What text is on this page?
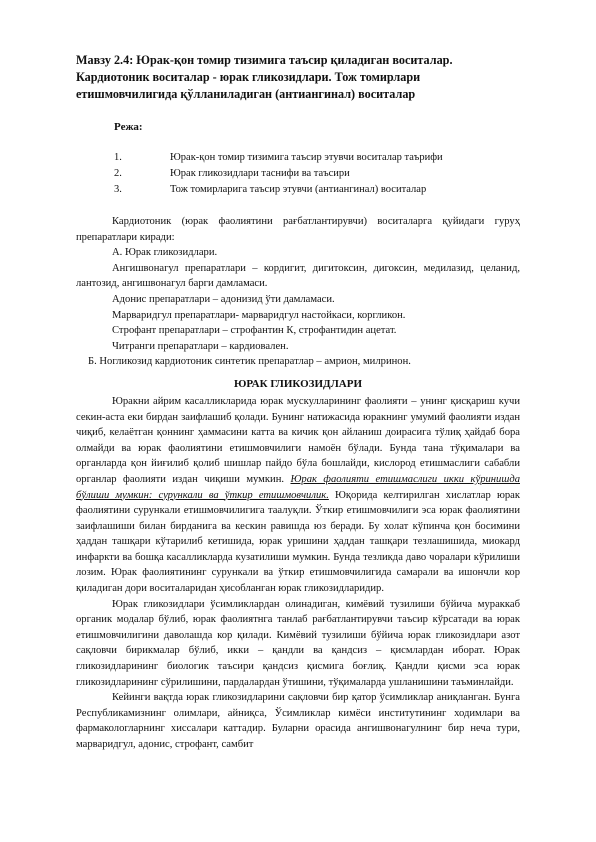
Мавзу 2.4: Юрак-қон томир тизимига таъсир қиладиган воситалар. Кардиотоник воситалар - юрак гликозидлари. Тож томирлари етишмовчилигида қўлланиладиган (антиангинал) воситалар

Режа:
1.	Юрак-қон томир тизимига таъсир этувчи воситалар таърифи
2.	Юрак гликозидлари таснифи ва таъсири
3.	Тож томирларига таъсир этувчи (антиангинал) воситалар

Кардиотоник (юрак фаолиятини рағбатлантирувчи) воситаларга қуйидаги гуруҳ препаратлари киради:

А. Юрак гликозидлари.

Ангишвонагул препаратлари – кордигит, дигитоксин, дигоксин, медилазид, целанид, лантозид, ангишвонагул барги дамламаси.

Адонис препаратлари – адонизид ўти дамламаси.

Марваридгул препаратлари- марваридгул настойкаси, коргликон.

Строфант препаратлари – строфантин К, строфантидин ацетат.

Читранги препаратлари – кардиовален.

Б. Ногликозид кардиотоник синтетик препаратлар – амрион, милринон.

ЮРАК ГЛИКОЗИДЛАРИ

Юракни айрим касалликларида юрак мускулларининг фаолияти – унинг қисқариш кучи секин-аста еки бирдан заифлашиб қолади. Бунинг натижасида юракнинг умумий фаолияти издан чиқиб, келаётган қоннинг ҳаммасини катта ва кичик қон айланиш доирасига тўлиқ ҳайдаб бора олмайди ва юрак фаолиятини етишмовчилиги намоён бўлади. Бунда тана тўқималари ва органларда қон йиғилиб қолиб шишлар пайдо бўла бошлайди, кислород етишмаслиги сабабли органлар фаолияти издан чиқиши мумкин. Юрак фаолияти етишмаслиги икки кўринишда бўлиши мумкин: сурункали ва ўткир етишмовчилик. Юқорида келтирилган хислатлар юрак фаолиятини сурункали етишмовчилигига таалуқли. Ўткир етишмовчилиги эса юрак фаолиятини заифлашиши билан бирданига ва кескин равишда юз беради. Бу холат кўпинча қон босимини ҳаддан ташқари кўтарилиб кетишида, юрак уришини ҳаддан ташқари тезлашишида, миокард инфаркти ва бошқа касалликларда кузатилиши мумкин. Бунда тезликда даво чоралари кўрилиши лозим. Юрак фаолиятининг сурункали ва ўткир етишмовчилигида самарали ва ишончли кор қиладиган дори воситаларидан ҳисобланган юрак гликозидларидир.

Юрак гликозидлари ўсимликлардан олинадиган, кимёвий тузилиши бўйича мураккаб органик модалар бўлиб, юрак фаолиятнга танлаб рағбатлантирувчи таъсир кўрсатади ва юрак етишмовчилигини даволашда кор қилади. Кимёвий тузилиши бўйича юрак гликозидлари азот сақловчи бирикмалар бўлиб, икки – қандли ва қандсиз – қисмлардан иборат. Юрак гликозидларининг биологик таъсири қандсиз қисмига боғлиқ. Қандли қисми эса юрак гликозидларининг сўрилишини, пардалардан ўтишини, тўқималарда ушланишини таъминлайди.

Кейинги вақтда юрак гликозидларини сақловчи бир қатор ўсимликлар аниқланган. Бунга Республикамизнинг олимлари, айниқса, Ўсимликлар кимёси институтининг ходимлари ва фармакологларнинг хиссалари каттадир. Буларни орасида ангишвонагулнинг бир неча тури, марваридгул, адонис, строфант, самбит
